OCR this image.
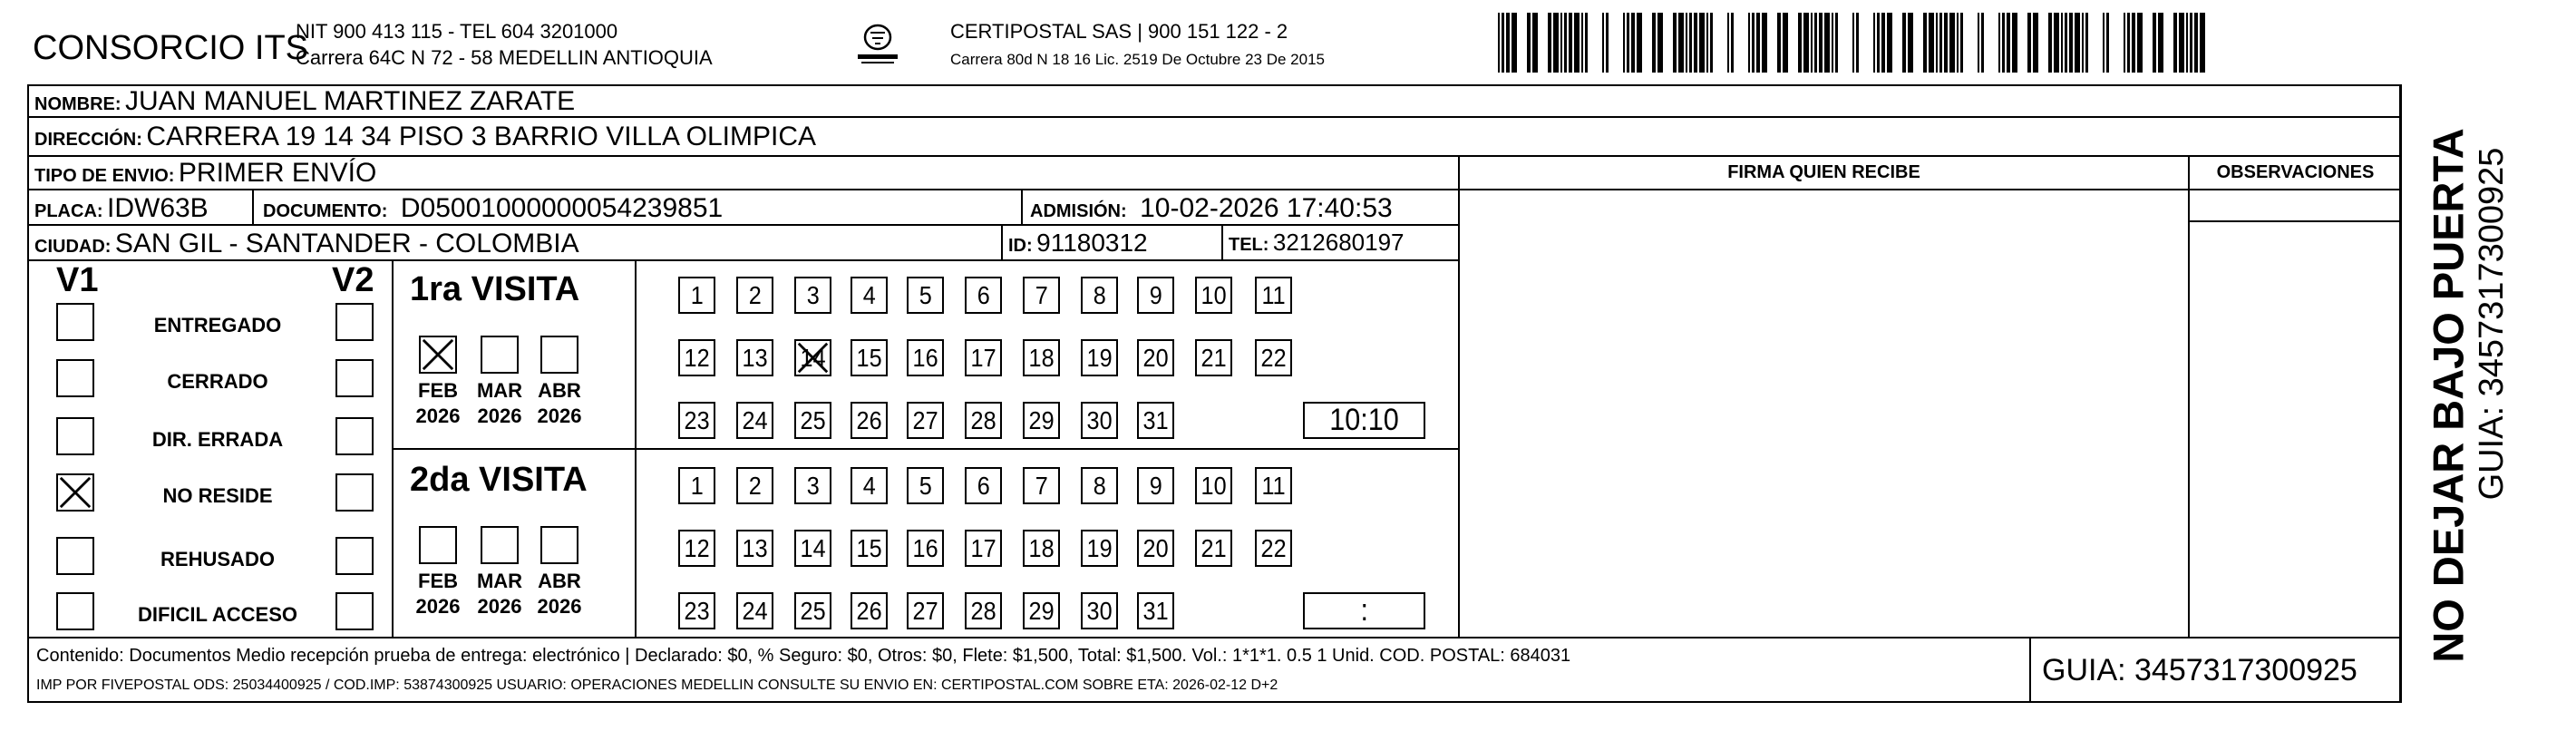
CONSORCIO ITS
NIT 900 413 115 - TEL 604 3201000
Carrera 64C N 72 - 58 MEDELLIN ANTIOQUIA
CERTIPOSTAL SAS | 900 151 122 - 2
Carrera 80d N 18 16 Lic. 2519 De Octubre 23 De 2015
NOMBRE: JUAN MANUEL MARTINEZ ZARATE
DIRECCIÓN: CARRERA 19 14 34 PISO 3 BARRIO VILLA OLIMPICA
TIPO DE ENVIO: PRIMER ENVÍO
PLACA: IDW63B	DOCUMENTO: D05001000000054239851	ADMISIÓN: 10-02-2026 17:40:53
CIUDAD: SAN GIL - SANTANDER - COLOMBIA	ID: 91180312	TEL: 3212680197
FIRMA QUIEN RECIBE	OBSERVACIONES
V1	V2
ENTREGADO
CERRADO
DIR. ERRADA
NO RESIDE
REHUSADO
DIFICIL ACCESO
1ra VISITA
FEB
2026
MAR
2026
ABR
2026
1 2 3 4 5 6 7 8 9 10 11
12 13 14 15 16 17 18 19 20 21 22
23 24 25 26 27 28 29 30 31	10:10
2da VISITA
FEB
2026
MAR
2026
ABR
2026
1 2 3 4 5 6 7 8 9 10 11
12 13 14 15 16 17 18 19 20 21 22
23 24 25 26 27 28 29 30 31	:
Contenido: Documentos Medio recepción prueba de entrega: electrónico | Declarado: $0, % Seguro: $0, Otros: $0, Flete: $1,500, Total: $1,500. Vol.: 1*1*1. 0.5 1 Unid. COD. POSTAL: 684031
IMP POR FIVEPOSTAL ODS: 25034400925 / COD.IMP: 53874300925 USUARIO: OPERACIONES MEDELLIN CONSULTE SU ENVIO EN: CERTIPOSTAL.COM SOBRE ETA: 2026-02-12 D+2	GUIA: 3457317300925
NO DEJAR BAJO PUERTA GUIA: 3457317300925
